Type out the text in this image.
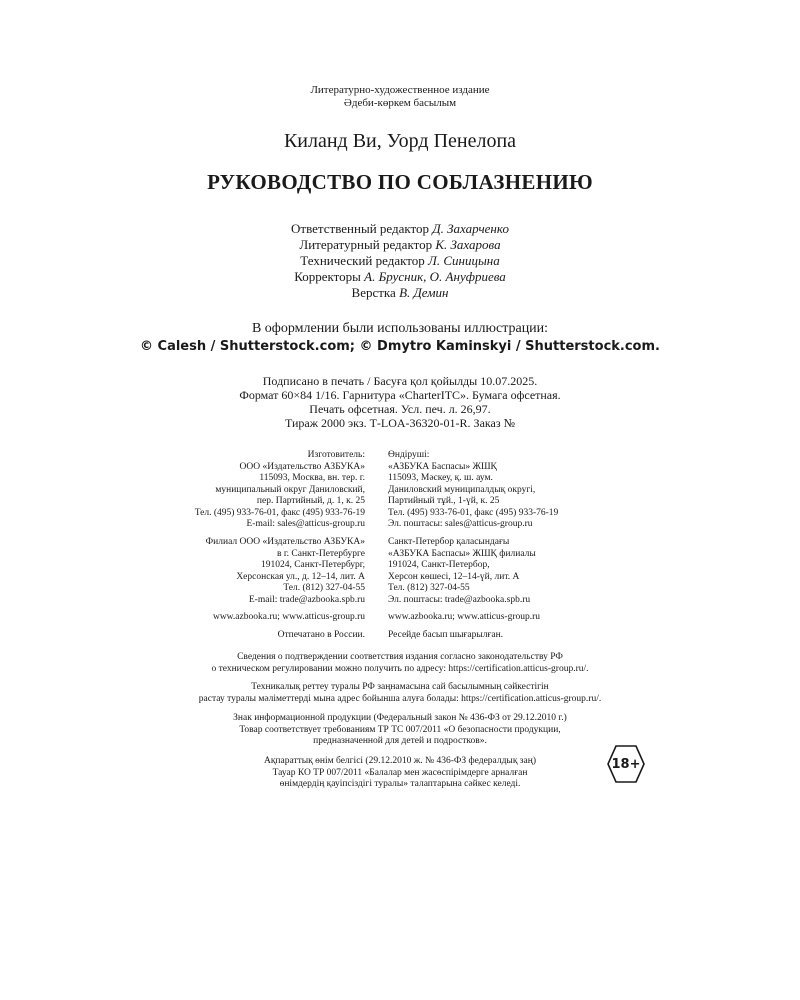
Литературно-художественное издание
Әдеби-көркем басылым
Киланд Ви, Уорд Пенелопа
РУКОВОДСТВО ПО СОБЛАЗНЕНИЮ
Ответственный редактор Д. Захарченко
Литературный редактор К. Захарова
Технический редактор Л. Синицына
Корректоры А. Брусник, О. Ануфриева
Верстка В. Демин
В оформлении были использованы иллюстрации:
© Calesh / Shutterstock.com; © Dmytro Kaminskyi / Shutterstock.com.
Подписано в печать / Басуға қол қойылды 10.07.2025.
Формат 60×84 1/16. Гарнитура «CharterITC». Бумага офсетная.
Печать офсетная. Усл. печ. л. 26,97.
Тираж 2000 экз. Т-LOA-36320-01-R. Заказ №
Изготовитель:
ООО «Издательство АЗБУКА»
115093, Москва, вн. тер. г.
муниципальный округ Даниловский,
пер. Партийный, д. 1, к. 25
Тел. (495) 933-76-01, факс (495) 933-76-19
E-mail: sales@atticus-group.ru
Филиал ООО «Издательство АЗБУКА»
в г. Санкт-Петербурге
191024, Санкт-Петербург,
Херсонская ул., д. 12–14, лит. А
Тел. (812) 327-04-55
E-mail: trade@azbooka.spb.ru
www.azbooka.ru; www.atticus-group.ru
Отпечатано в России.
Өндіруші:
«АЗБУКА Баспасы» ЖШҚ
115093, Мәскеу, қ. ш. аум.
Даниловский муниципалдық округі,
Партийный тұй., 1-үй, к. 25
Тел. (495) 933-76-01, факс (495) 933-76-19
Эл. поштасы: sales@atticus-group.ru
Санкт-Петербор қаласындағы
«АЗБУКА Баспасы» ЖШҚ филиалы
191024, Санкт-Петербор,
Херсон көшесі, 12–14-үй, лит. А
Тел. (812) 327-04-55
Эл. поштасы: trade@azbooka.spb.ru
www.azbooka.ru; www.atticus-group.ru
Ресейде басып шығарылған.
Сведения о подтверждении соответствия издания согласно законодательству РФ
о техническом регулировании можно получить по адресу: https://certification.atticus-group.ru/.
Техникалық реттеу туралы РФ заңнамасына сай басылымның сәйкестігін
растау туралы мәліметтерді мына адрес бойынша алуға болады: https://certification.atticus-group.ru/.
Знак информационной продукции (Федеральный закон № 436-ФЗ от 29.12.2010 г.)
Товар соответствует требованиям ТР ТС 007/2011 «О безопасности продукции,
предназначенной для детей и подростков».
Ақпараттық өнім белгісі (29.12.2010 ж. № 436-ФЗ федералдық заң)
Тауар КО ТР 007/2011 «Балалар мен жасөспірімдерге арналған
өнімдердің қауіпсіздігі туралы» талаптарына сәйкес келеді.
18+
